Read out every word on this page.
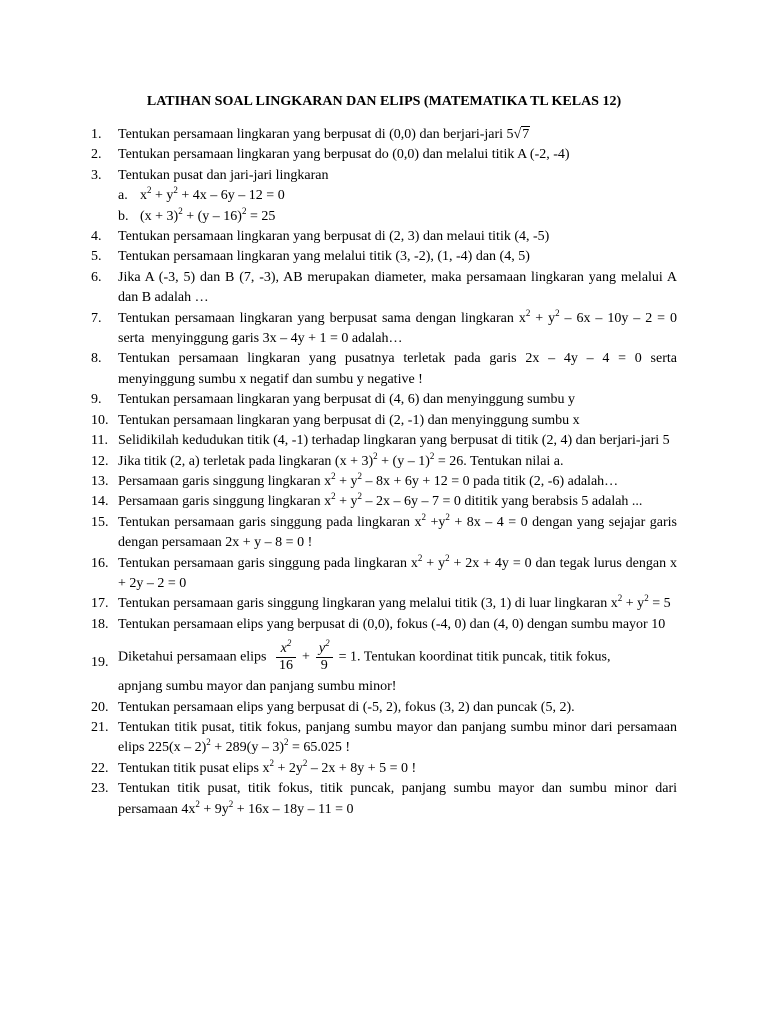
LATIHAN SOAL LINGKARAN DAN ELIPS (MATEMATIKA TL KELAS 12)
1.	Tentukan persamaan lingkaran yang berpusat di (0,0) dan berjari-jari 5√7
2.	Tentukan persamaan lingkaran yang berpusat do (0,0) dan melalui titik A (-2, -4)
3.	Tentukan pusat dan jari-jari lingkaran
a. $x^2 + y^2 + 4x - 6y - 12 = 0$
b. $(x + 3)^2 + (y - 16)^2 = 25$
4.	Tentukan persamaan lingkaran yang berpusat di (2, 3) dan melaui titik (4, -5)
5.	Tentukan persamaan lingkaran yang melalui titik (3, -2), (1, -4) dan (4, 5)
6.	Jika A (-3, 5) dan B (7, -3), AB merupakan diameter, maka persamaan lingkaran yang melalui A dan B adalah …
7.	Tentukan persamaan lingkaran yang berpusat sama dengan lingkaran $x^2 + y^2 - 6x - 10y - 2 = 0$ serta  menyinggung garis 3x – 4y + 1 = 0 adalah…
8.	Tentukan persamaan lingkaran yang pusatnya terletak pada garis 2x – 4y – 4 = 0 serta menyinggung sumbu x negatif dan sumbu y negative !
9.	Tentukan persamaan lingkaran yang berpusat di (4, 6) dan menyinggung sumbu y
10. Tentukan persamaan lingkaran yang berpusat di (2, -1) dan menyinggung sumbu x
11. Selidikilah kedudukan titik (4, -1) terhadap lingkaran yang berpusat di titik (2, 4) dan berjari-jari 5
12. Jika titik (2, a) terletak pada lingkaran $(x + 3)^2 + (y - 1)^2 = 26$. Tentukan nilai a.
13. Persamaan garis singgung lingkaran $x^2 + y^2 - 8x + 6y + 12 = 0$ pada titik (2, -6) adalah…
14. Persamaan garis singgung lingkaran $x^2 + y^2 - 2x - 6y - 7 = 0$ dititik yang berabsis 5 adalah ...
15. Tentukan persamaan garis singgung pada lingkaran $x^2 +y^2 + 8x - 4 = 0$ dengan yang sejajar garis dengan persamaan 2x + y – 8 = 0 !
16. Tentukan persamaan garis singgung pada lingkaran $x^2 + y^2 + 2x + 4y = 0$ dan tegak lurus dengan x + 2y – 2 = 0
17. Tentukan persamaan garis singgung lingkaran yang melalui titik (3, 1) di luar lingkaran $x^2 + y^2 = 5$
18. Tentukan persamaan elips yang berpusat di (0,0), fokus (-4, 0) dan (4, 0) dengan sumbu mayor 10
19. Diketahui persamaan elips $\frac{x^2}{16} + \frac{y^2}{9} = 1$. Tentukan koordinat titik puncak, titik fokus,
apnjang sumbu mayor dan panjang sumbu minor!
20. Tentukan persamaan elips yang berpusat di (-5, 2), fokus (3, 2) dan puncak (5, 2).
21. Tentukan titik pusat, titik fokus, panjang sumbu mayor dan panjang sumbu minor dari persamaan elips 225(x – 2)$^2$ + 289(y – 3)$^2$ = 65.025 !
22. Tentukan titik pusat elips $x^2 + 2y^2 - 2x + 8y + 5 = 0$ !
23. Tentukan titik pusat, titik fokus, titik puncak, panjang sumbu mayor dan sumbu minor dari persamaan $4x^2 + 9y^2 + 16x - 18y - 11 = 0$
